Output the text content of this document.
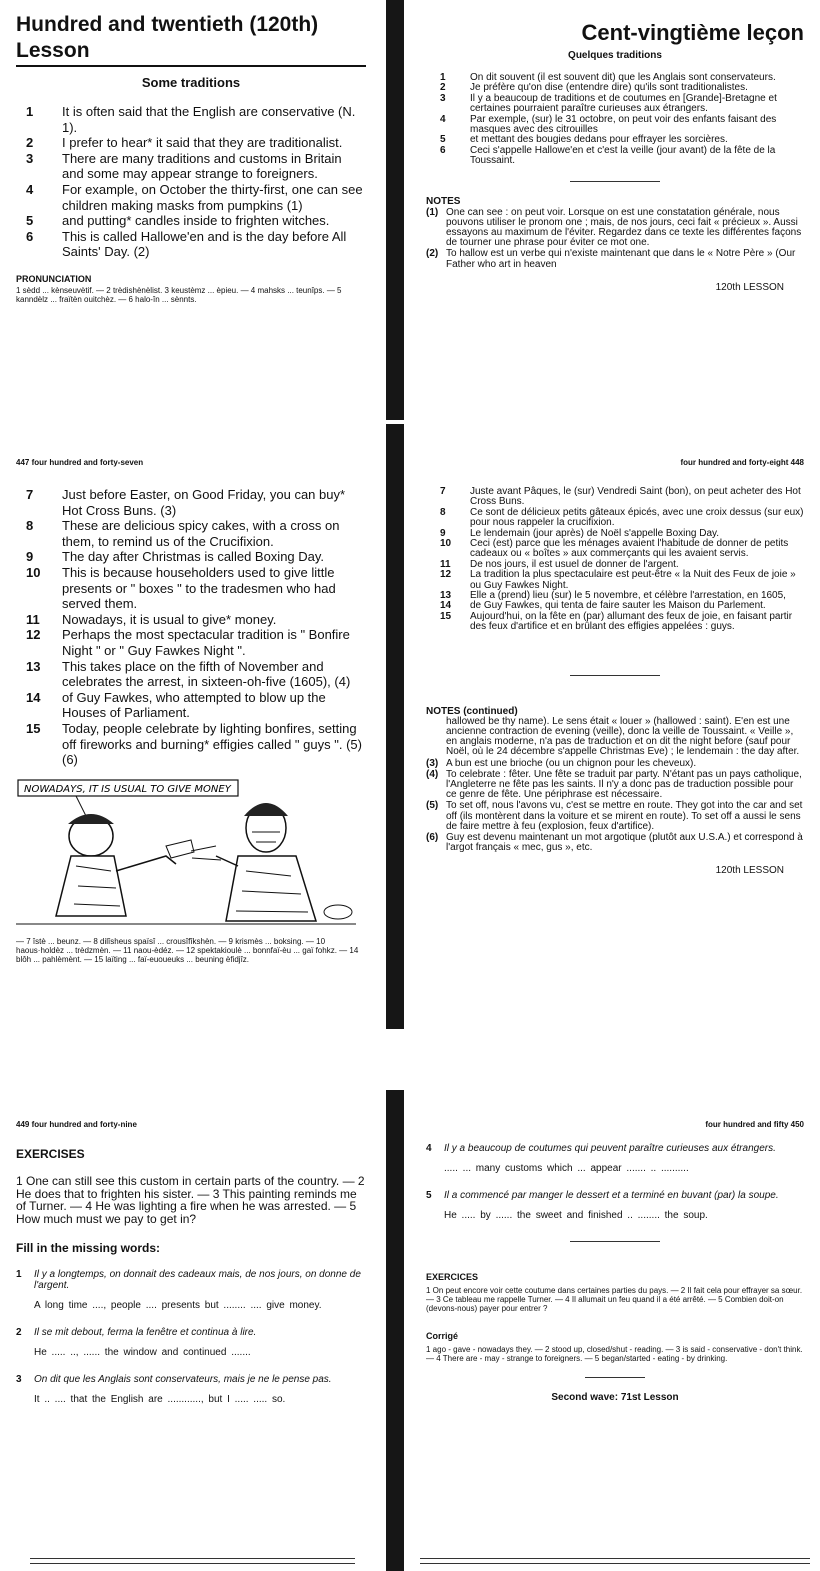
Hundred and twentieth (120th) Lesson
Some traditions
1	It is often said that the English are conservative (N. 1).
2	I prefer to hear* it said that they are traditionalist.
3	There are many traditions and customs in Britain and some may appear strange to foreigners.
4	For example, on October the thirty-first, one can see children making masks from pumpkins (1)
5	and putting* candles inside to frighten witches.
6	This is called Hallowe'en and is the day before All Saints' Day. (2)
PRONUNCIATION
1 sèdd ... kènseuvètif. — 2 trèdishènèlist. 3 keustèmz ... èpieu. — 4 mahsks ... teunîps. — 5 kanndèlz ... fraïtèn ouitchèz. — 6 halo-în ... sènnts.
Cent-vingtième leçon
Quelques traditions
1	On dit souvent (il est souvent dit) que les Anglais sont conservateurs.
2	Je préfère qu'on dise (entendre dire) qu'ils sont traditionalistes.
3	Il y a beaucoup de traditions et de coutumes en [Grande]-Bretagne et certaines pourraient paraître curieuses aux étrangers.
4	Par exemple, (sur) le 31 octobre, on peut voir des enfants faisant des masques avec des citrouilles
5	et mettant des bougies dedans pour effrayer les sorcières.
6	Ceci s'appelle Hallowe'en et c'est la veille (jour avant) de la fête de la Toussaint.
NOTES
(1) One can see : on peut voir. Lorsque on est une constatation générale, nous pouvons utiliser le pronom one ; mais, de nos jours, ceci fait « précieux ». Aussi essayons au maximum de l'éviter. Regardez dans ce texte les différentes façons de tourner une phrase pour éviter ce mot one.
(2) To hallow est un verbe qui n'existe maintenant que dans le « Notre Père » (Our Father who art in heaven
120th LESSON
447 four hundred and forty-seven
7	Just before Easter, on Good Friday, you can buy* Hot Cross Buns. (3)
8	These are delicious spicy cakes, with a cross on them, to remind us of the Crucifixion.
9	The day after Christmas is called Boxing Day.
10	This is because householders used to give little presents or " boxes " to the tradesmen who had served them.
11	Nowadays, it is usual to give* money.
12	Perhaps the most spectacular tradition is " Bonfire Night " or " Guy Fawkes Night ".
13	This takes place on the fifth of November and celebrates the arrest, in sixteen-oh-five (1605), (4)
14	of Guy Fawkes, who attempted to blow up the Houses of Parliament.
15	Today, people celebrate by lighting bonfires, setting off fireworks and burning* effigies called " guys ". (5) (6)
NOWADAYS, IT IS USUAL TO GIVE MONEY
— 7 îstè ... beunz. — 8 dilîsheus spaïsî ... crousîfîkshèn. — 9 krismès ... boksing. — 10 haous·holdèz ... trèdzmèn. — 11 naou-èdéz. — 12 spektakioulè ... bonnfaï-èu ... gaï fohkz. — 14 blôh ... pahlèmènt. — 15 laïting ... faï-euoueuks ... beuning èfidjîz.
four hundred and forty-eight 448
7	Juste avant Pâques, le (sur) Vendredi Saint (bon), on peut acheter des Hot Cross Buns.
8	Ce sont de délicieux petits gâteaux épicés, avec une croix dessus (sur eux) pour nous rappeler la crucifixion.
9	Le lendemain (jour après) de Noël s'appelle Boxing Day.
10	Ceci (est) parce que les ménages avaient l'habitude de donner de petits cadeaux ou « boîtes » aux commerçants qui les avaient servis.
11	De nos jours, il est usuel de donner de l'argent.
12	La tradition la plus spectaculaire est peut-être « la Nuit des Feux de joie » ou Guy Fawkes Night.
13	Elle a (prend) lieu (sur) le 5 novembre, et célèbre l'arrestation, en 1605,
14	de Guy Fawkes, qui tenta de faire sauter les Maison du Parlement.
15	Aujourd'hui, on la fête en (par) allumant des feux de joie, en faisant partir des feux d'artifice et en brûlant des effigies appelées : guys.
NOTES (continued)
hallowed be thy name). Le sens était « louer » (hallowed : saint). E'en est une ancienne contraction de evening (veille), donc la veille de Toussaint. « Veille », en anglais moderne, n'a pas de traduction et on dit the night before (sauf pour Noël, où le 24 décembre s'appelle Christmas Eve) ; le lendemain : the day after.
(3) A bun est une brioche (ou un chignon pour les cheveux).
(4) To celebrate : fêter. Une fête se traduit par party. N'étant pas un pays catholique, l'Angleterre ne fête pas les saints. Il n'y a donc pas de traduction possible pour ce genre de fête. Une périphrase est nécessaire.
(5) To set off, nous l'avons vu, c'est se mettre en route. They got into the car and set off (ils montèrent dans la voiture et se mirent en route). To set off a aussi le sens de faire mettre à feu (explosion, feux d'artifice).
(6) Guy est devenu maintenant un mot argotique (plutôt aux U.S.A.) et correspond à l'argot français « mec, gus », etc.
120th LESSON
449 four hundred and forty-nine
EXERCISES
1 One can still see this custom in certain parts of the country. — 2 He does that to frighten his sister. — 3 This painting reminds me of Turner. — 4 He was lighting a fire when he was arrested. — 5 How much must we pay to get in?
Fill in the missing words:
1	Il y a longtemps, on donnait des cadeaux mais, de nos jours, on donne de l'argent.
A long time ...., people .... presents but ........ .... give money.
2	Il se mit debout, ferma la fenêtre et continua à lire.
He ..... .., ...... the window and continued .......
3	On dit que les Anglais sont conservateurs, mais je ne le pense pas.
It .. .... that the English are ............, but I ..... ..... so.
four hundred and fifty 450
4	Il y a beaucoup de coutumes qui peuvent paraître curieuses aux étrangers.
..... ... many customs which ... appear ....... .. ..........
5	Il a commencé par manger le dessert et a terminé en buvant (par) la soupe.
He ..... by ...... the sweet and finished .. ........ the soup.
EXERCICES
1 On peut encore voir cette coutume dans certaines parties du pays. — 2 Il fait cela pour effrayer sa sœur. — 3 Ce tableau me rappelle Turner. — 4 Il allumait un feu quand il a été arrêté. — 5 Combien doit-on (devons-nous) payer pour entrer ?
Corrigé
1 ago - gave - nowadays they. — 2 stood up, closed/shut - reading. — 3 is said - conservative - don't think. — 4 There are - may - strange to foreigners. — 5 began/started - eating - by drinking.
Second wave: 71st Lesson
